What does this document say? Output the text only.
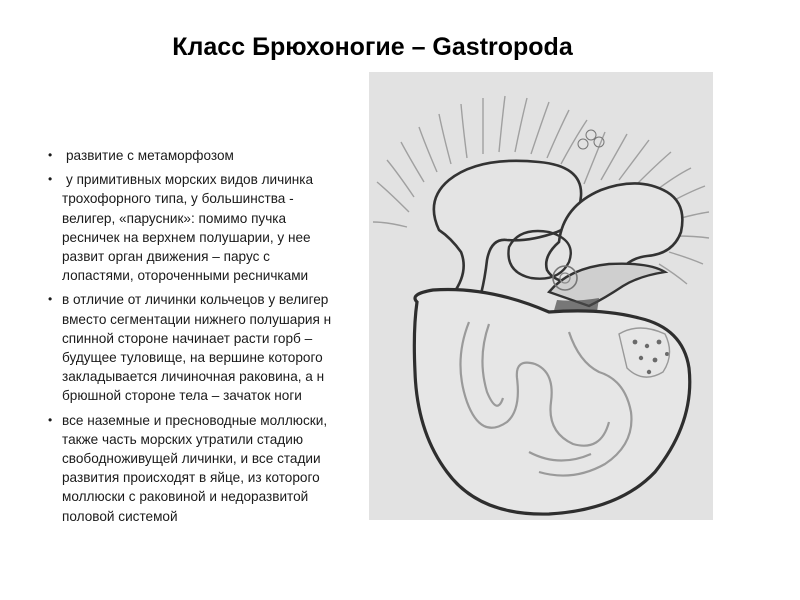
Класс Брюхоногие – Gastropoda
• развитие с метаморфозом
• у примитивных морских видов личинка
трохофорного типа, у большинства -
велигер, «парусник»: помимо пучка
ресничек на верхнем полушарии, у нее
развит орган движения – парус с
лопастями, отороченными ресничками
• в отличие от личинки кольчецов у велигер
вместо сегментации нижнего полушария н
спинной стороне начинает расти горб –
будущее туловище, на вершине которого
закладывается личиночная раковина, а н
брюшной стороне тела – зачаток ноги
• все наземные и пресноводные моллюски,
также часть морских утратили стадию
свободноживущей личинки, и все стадии
развития происходят в яйце, из которого
моллюски с раковиной и недоразвитой
половой системой
